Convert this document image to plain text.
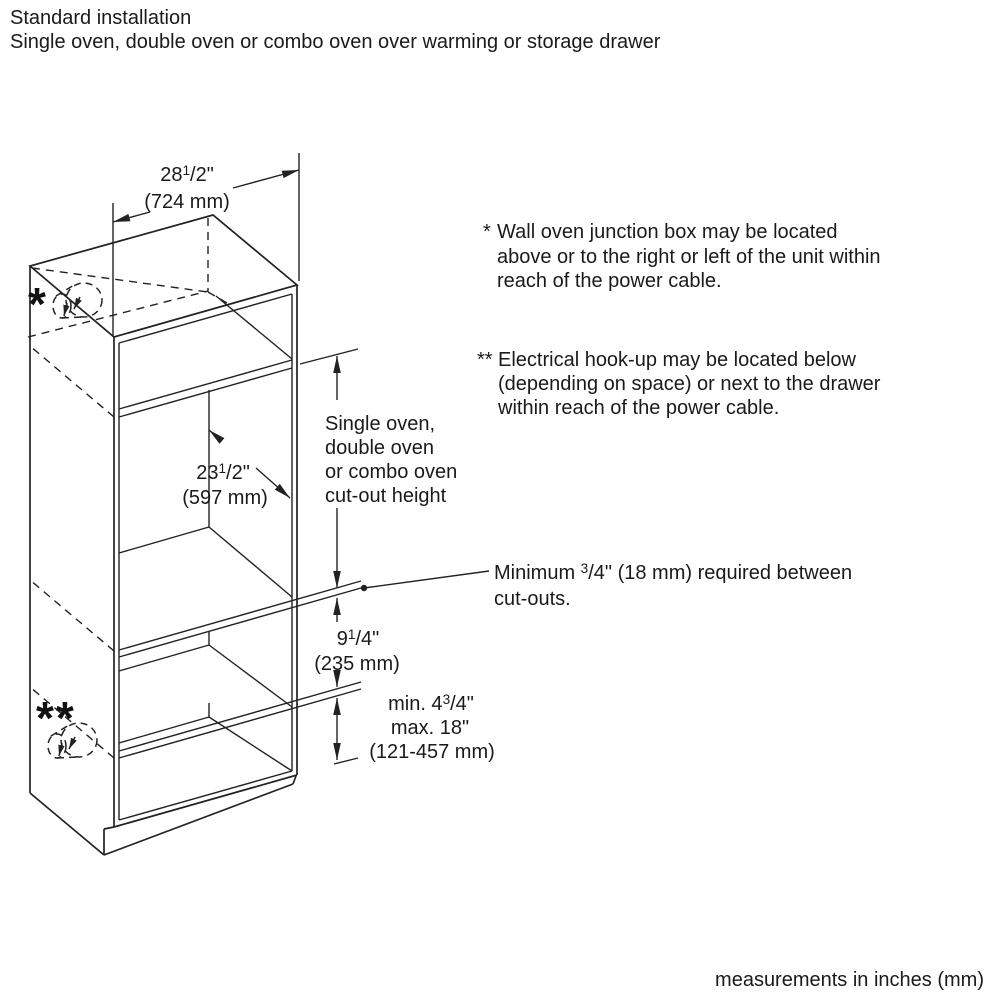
Standard installation
Single oven, double oven or combo oven over warming or storage drawer
*
**
$28^1/2$"
(724 mm)
$23^1/2$"
(597 mm)
Single oven,
double oven
or combo oven
cut-out height
* Wall oven junction box may be located
above or to the right or left of the unit within
reach of the power cable.
** Electrical hook-up may be located below
(depending on space) or next to the drawer
within reach of the power cable.
Minimum $^3$/4" (18 mm) required between
cut-outs.
$9^1/4$"
(235 mm)
min. $4^3/4$"
max. 18"
(121-457 mm)
measurements in inches (mm)
